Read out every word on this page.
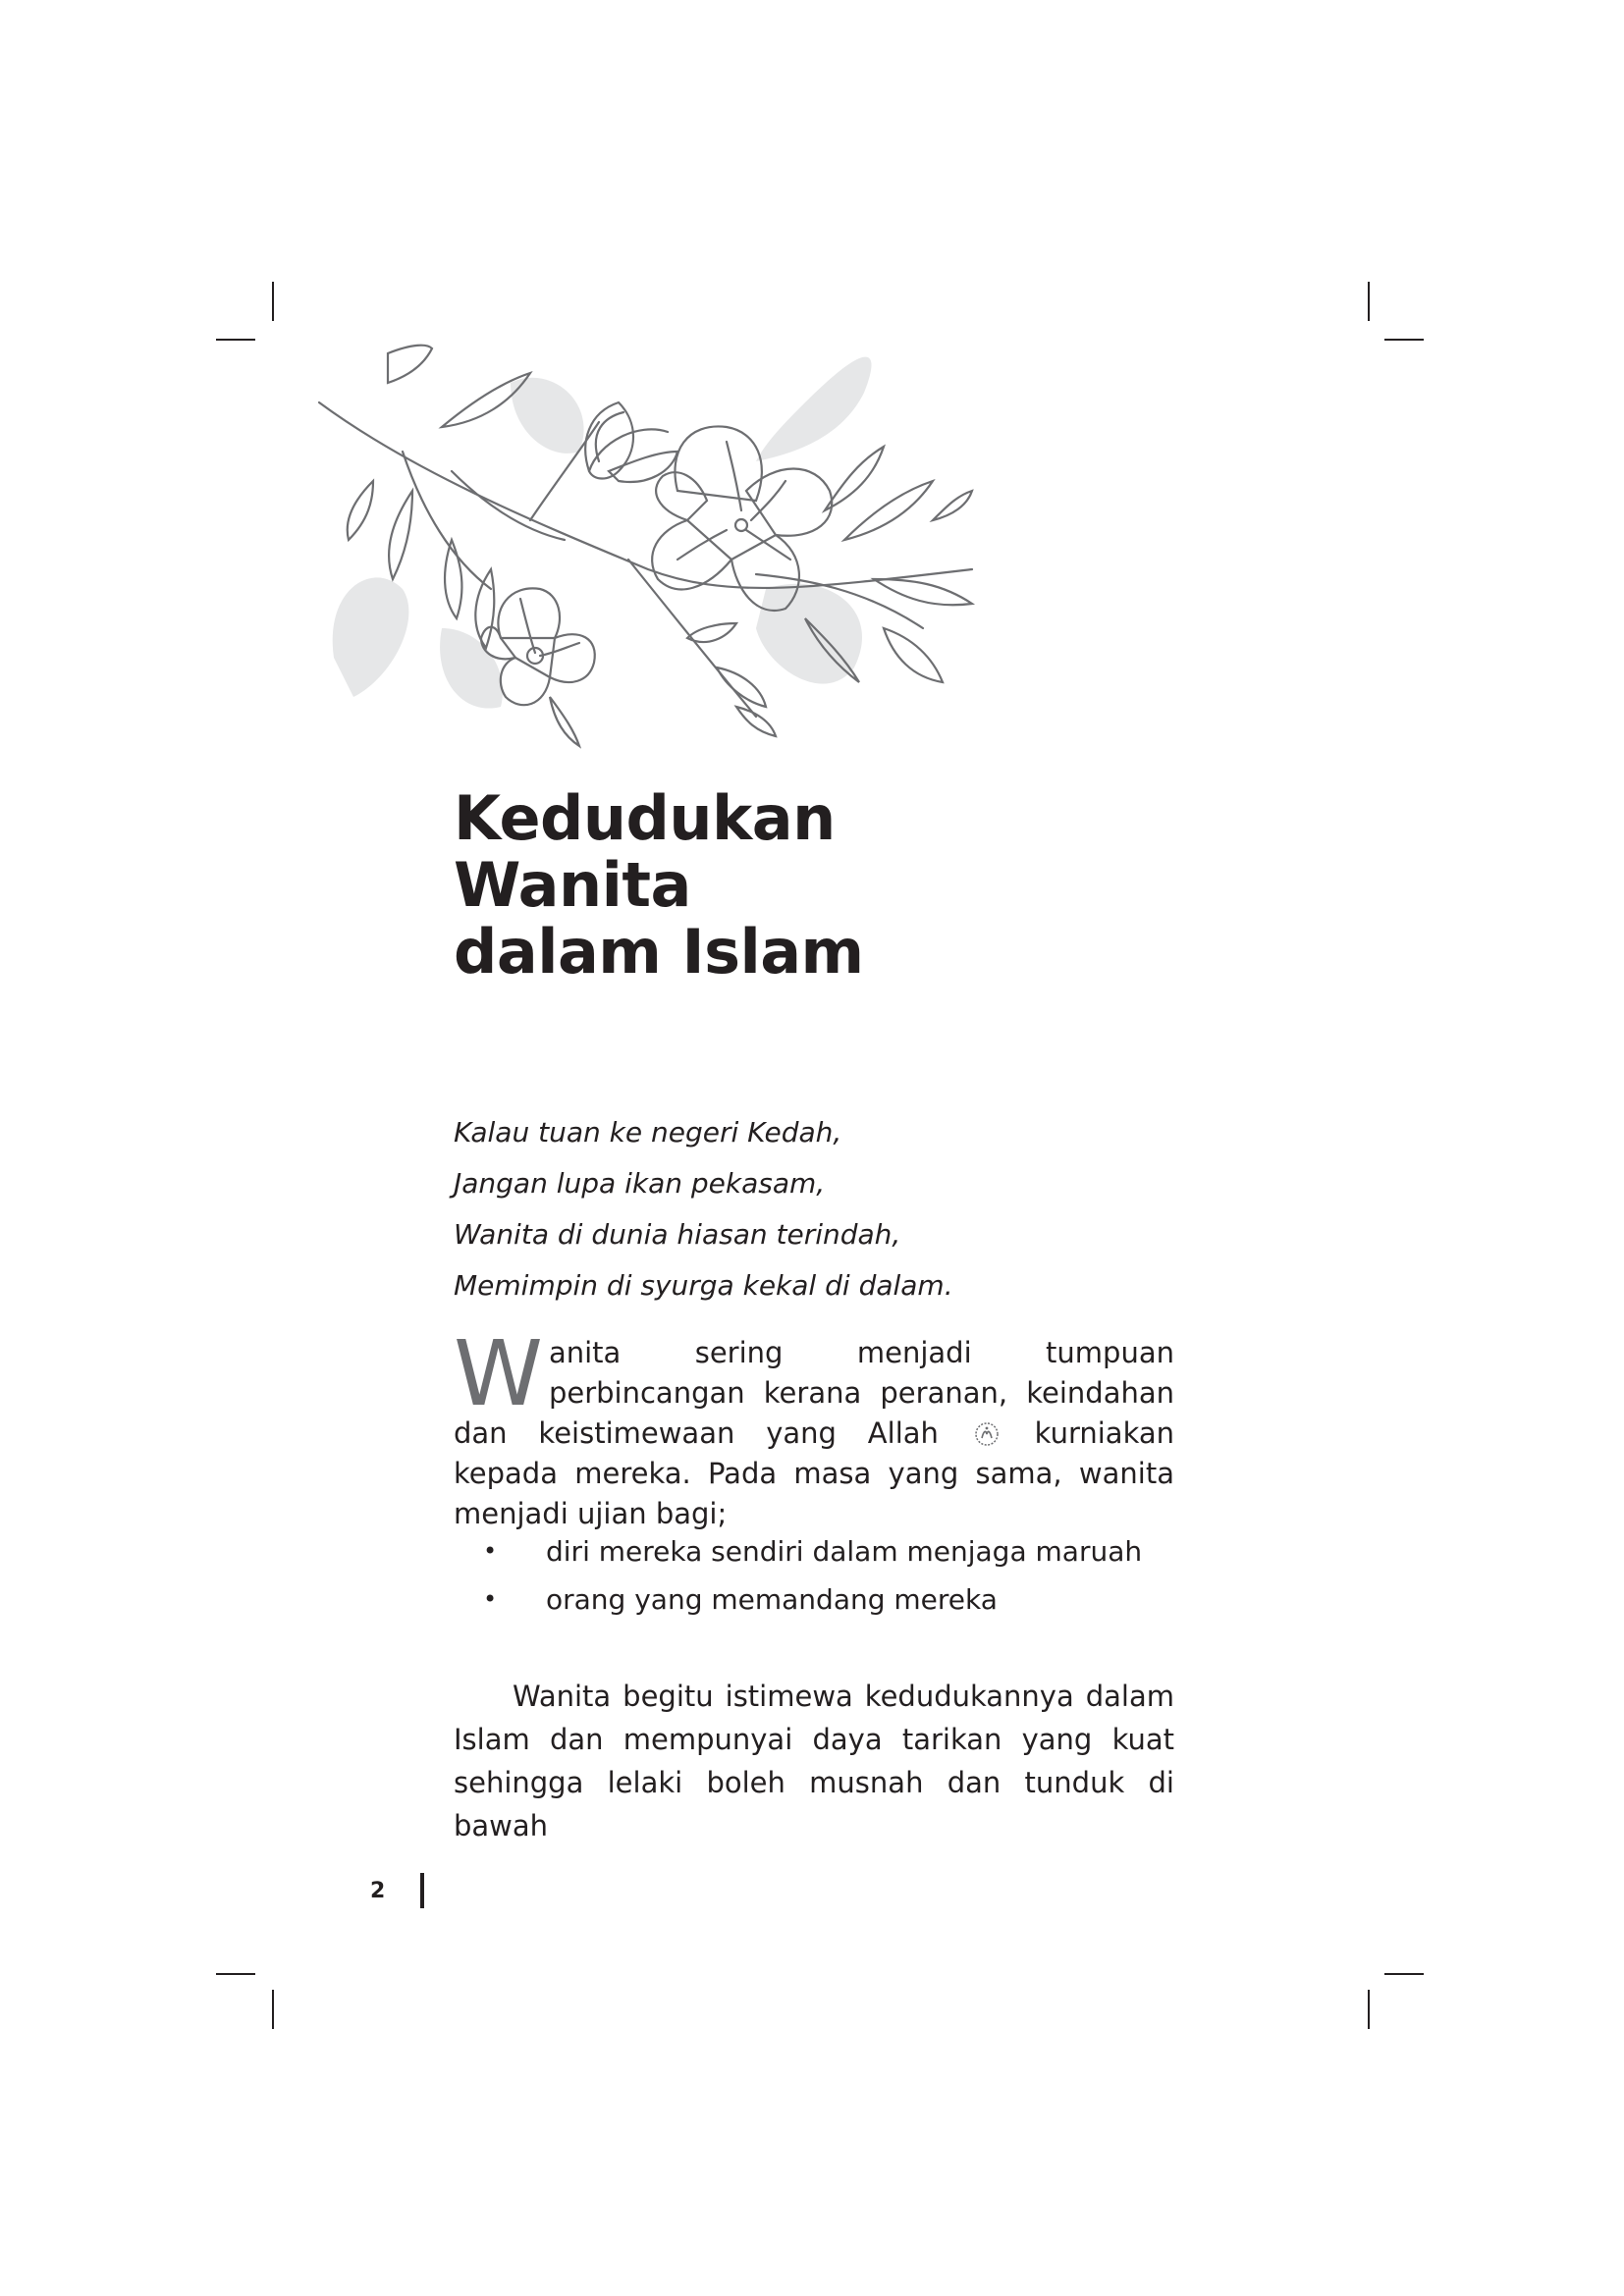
Kedudukan
Wanita
dalam Islam
Kalau tuan ke negeri Kedah,
Jangan lupa ikan pekasam,
Wanita di dunia hiasan terindah,
Memimpin di syurga kekal di dalam.

Wanita sering menjadi tumpuan perbincangan kerana peranan, keindahan dan keistimewaan yang Allah	kurniakan kepada mereka. Pada masa yang sama, wanita menjadi ujian bagi;

• diri mereka sendiri dalam menjaga maruah
• orang yang memandang mereka

Wanita begitu istimewa kedudukannya dalam Islam dan mempunyai daya tarikan yang kuat sehingga lelaki boleh musnah dan tunduk di bawah

2
